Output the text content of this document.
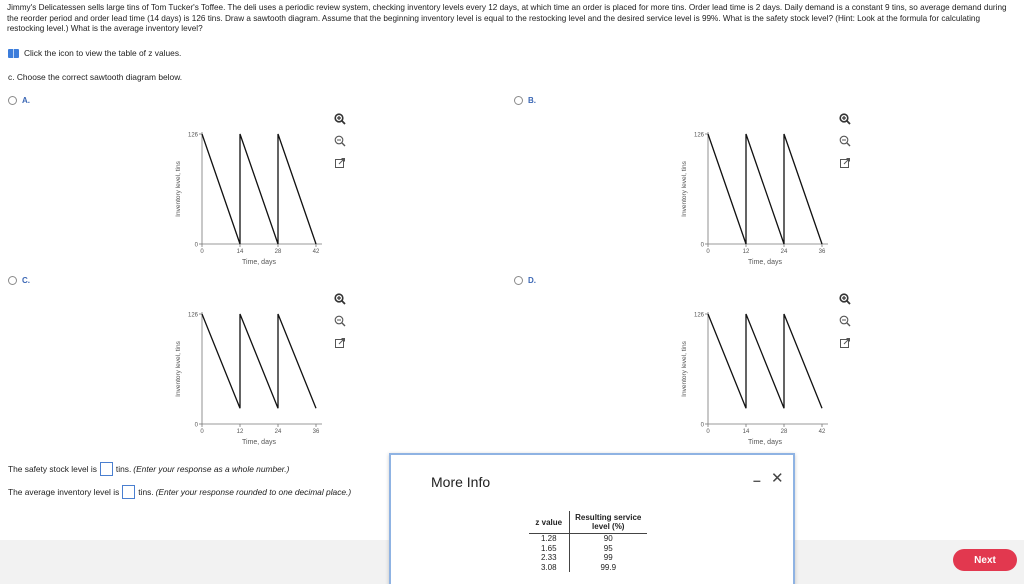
Jimmy's Delicatessen sells large tins of Tom Tucker's Toffee. The deli uses a periodic review system, checking inventory levels every 12 days, at which time an order is placed for more tins. Order lead time is 2 days. Daily demand is a constant 9 tins, so average demand during the reorder period and order lead time (14 days) is 126 tins. Draw a sawtooth diagram. Assume that the beginning inventory level is equal to the restocking level and the desired service level is 99%. What is the safety stock level? (Hint: Look at the formula for calculating restocking level.) What is the average inventory level?
Click the icon to view the table of z values.
c. Choose the correct sawtooth diagram below.
A.	B.
C.	D.
0
126
0	14	28	42
Time, days
Inventory level, tins
0
126
0	12	24	36
Time, days
Inventory level, tins
0
126
0	12	24	36
Time, days
Inventory level, tins
0
126
0	14	28	42
Time, days
Inventory level, tins
The safety stock level is tins. (Enter your response as a whole number.)
The average inventory level is tins. (Enter your response rounded to one decimal place.)
Next
More Info	– ✕
z value	Resulting service level (%)
1.28	90
1.65	95
2.33	99
3.08	99.9
